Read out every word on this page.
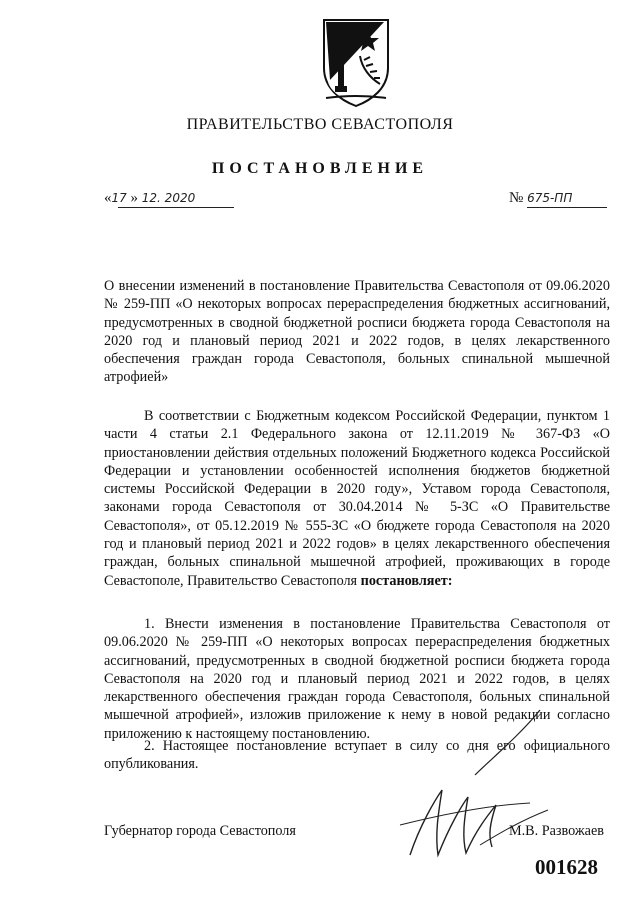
ПРАВИТЕЛЬСТВО СЕВАСТОПОЛЯ
ПОСТАНОВЛЕНИЕ
«17 » 12. 2020	№ 675-ПП

О внесении изменений в постановление Правительства Севастополя от 09.06.2020 № 259-ПП «О некоторых вопросах перераспределения бюджетных ассигнований, предусмотренных в сводной бюджетной росписи бюджета города Севастополя на 2020 год и плановый период 2021 и 2022 годов, в целях лекарственного обеспечения граждан города Севастополя, больных спинальной мышечной атрофией»

В соответствии с Бюджетным кодексом Российской Федерации, пунктом 1 части 4 статьи 2.1 Федерального закона от 12.11.2019 № 367-ФЗ «О приостановлении действия отдельных положений Бюджетного кодекса Российской Федерации и установлении особенностей исполнения бюджетов бюджетной системы Российской Федерации в 2020 году», Уставом города Севастополя, законами города Севастополя от 30.04.2014 № 5-ЗС «О Правительстве Севастополя», от 05.12.2019 № 555-ЗС «О бюджете города Севастополя на 2020 год и плановый период 2021 и 2022 годов» в целях лекарственного обеспечения граждан, больных спинальной мышечной атрофией, проживающих в городе Севастополе, Правительство Севастополя постановляет:

1. Внести изменения в постановление Правительства Севастополя от 09.06.2020 № 259-ПП «О некоторых вопросах перераспределения бюджетных ассигнований, предусмотренных в сводной бюджетной росписи бюджета города Севастополя на 2020 год и плановый период 2021 и 2022 годов, в целях лекарственного обеспечения граждан города Севастополя, больных спинальной мышечной атрофией», изложив приложение к нему в новой редакции согласно приложению к настоящему постановлению.

2. Настоящее постановление вступает в силу со дня его официального опубликования.

Губернатор города Севастополя	М.В. Развожаев
001628
